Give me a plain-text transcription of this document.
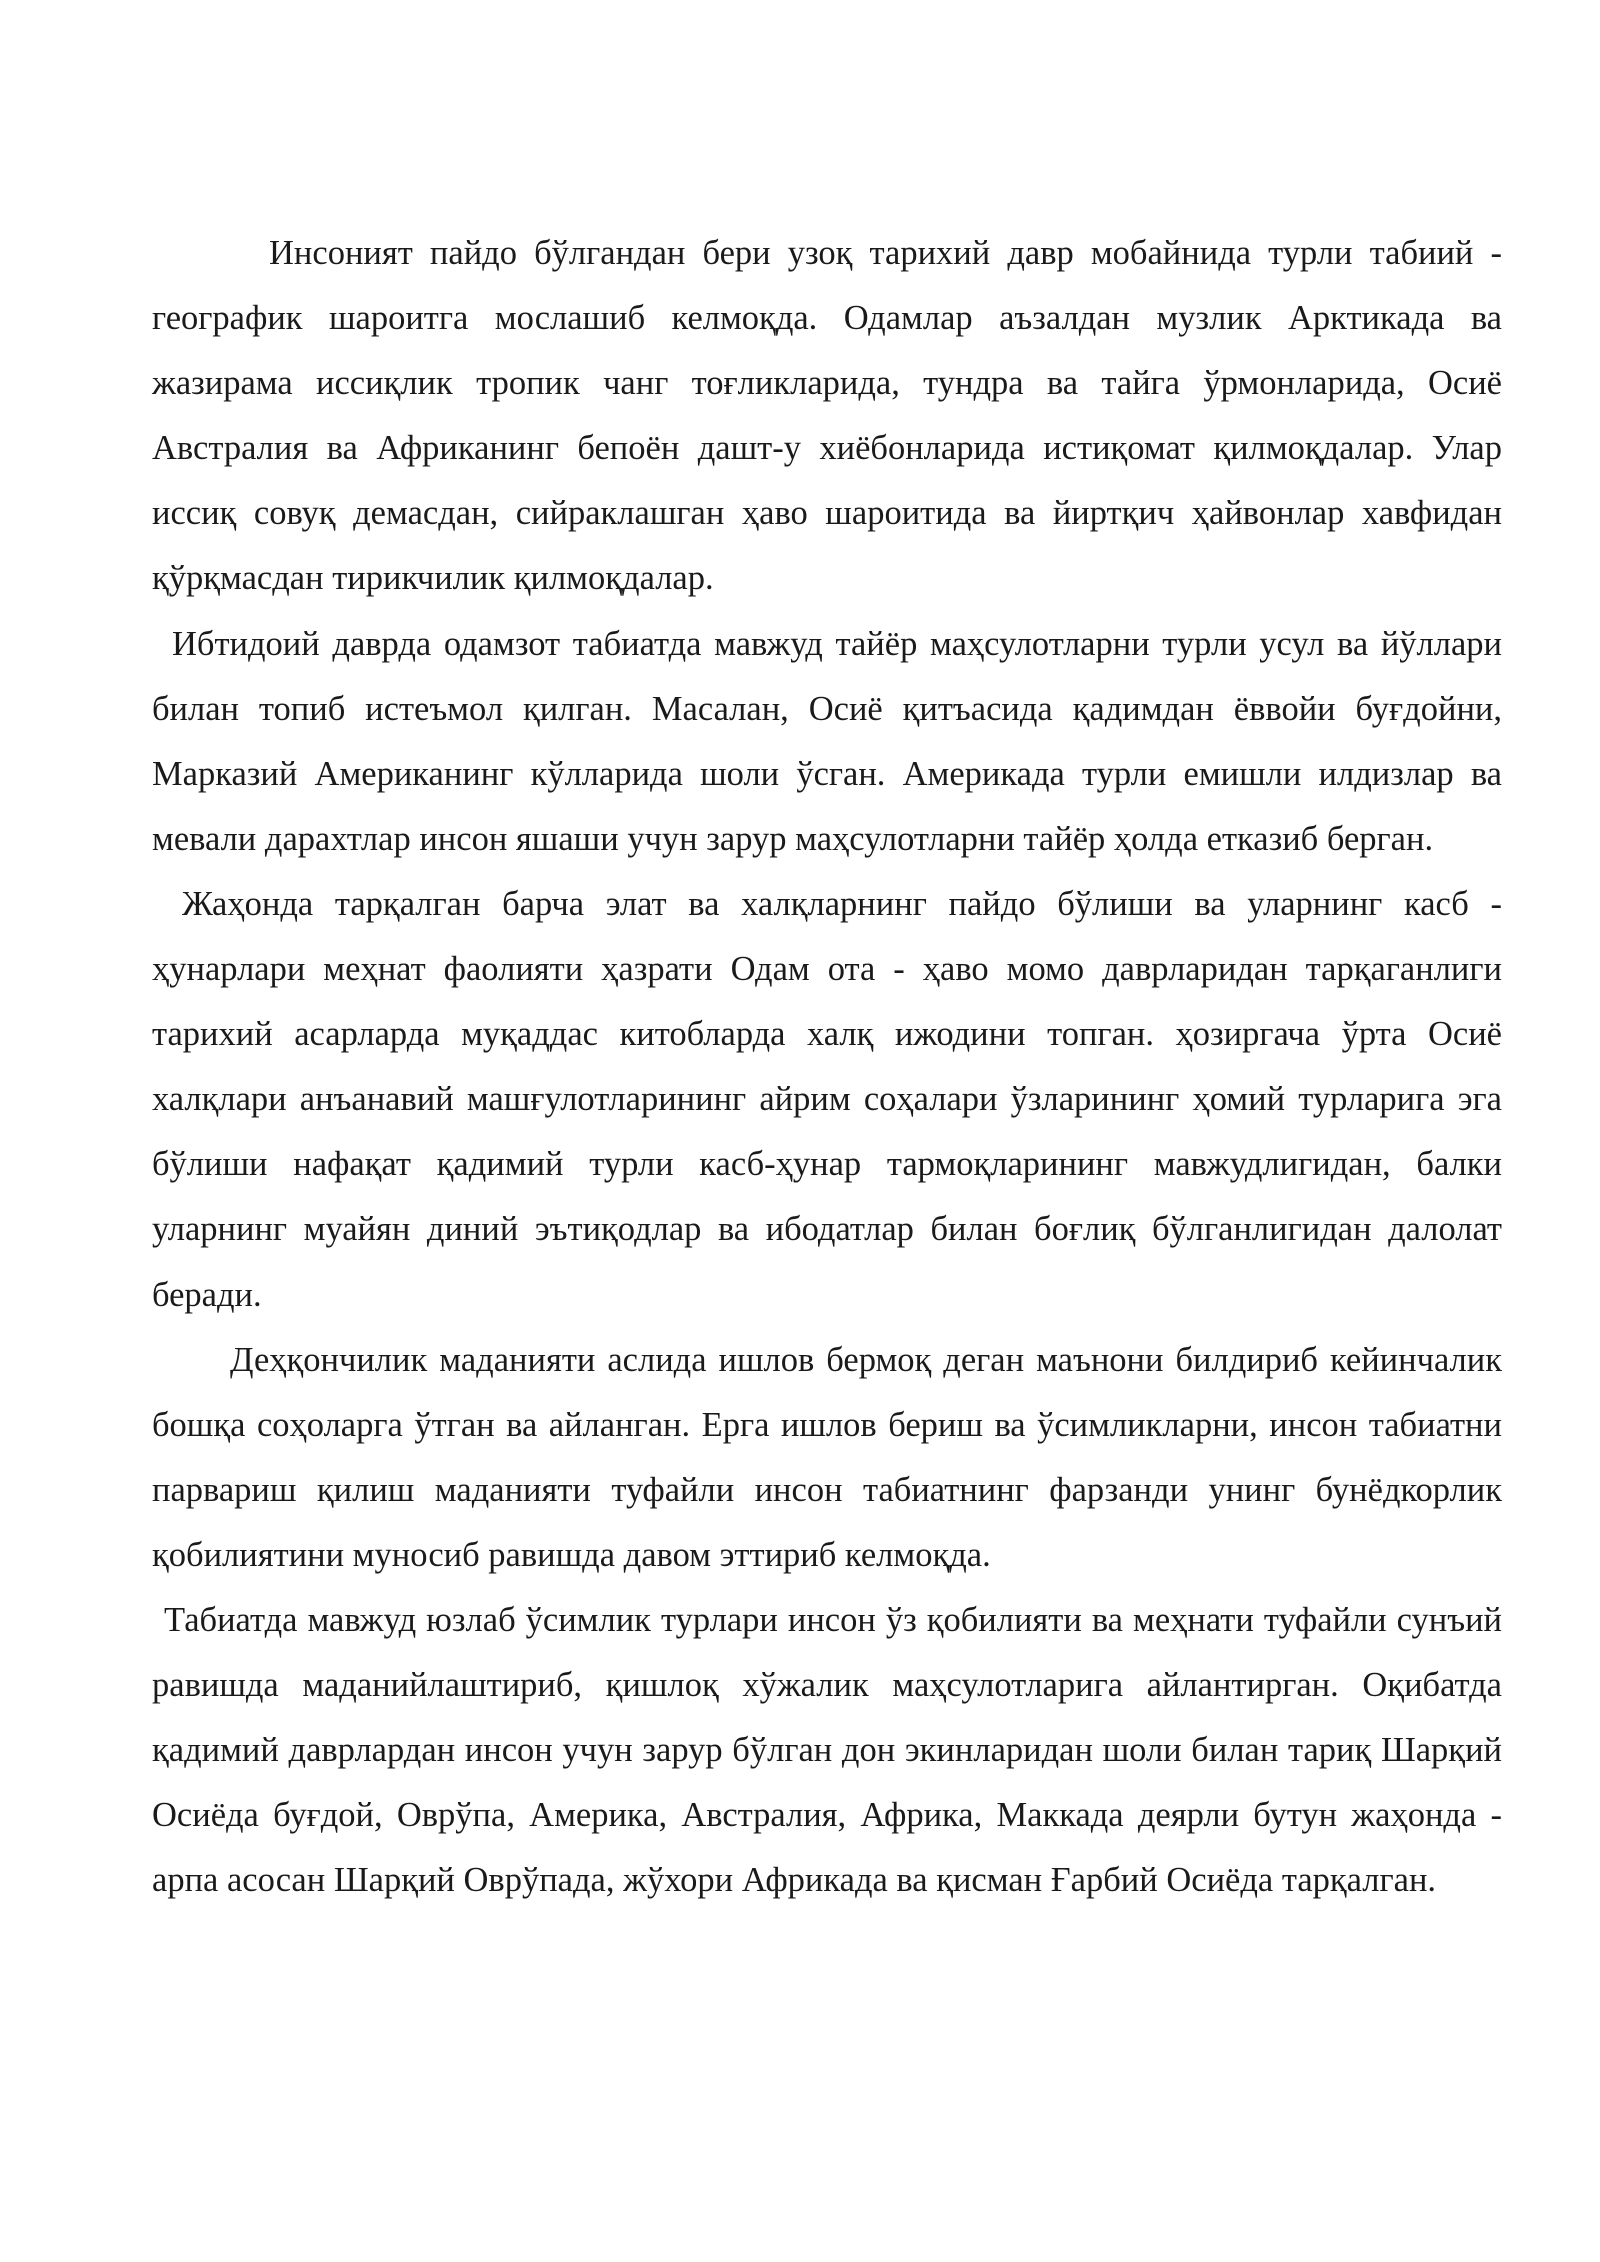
Инсоният пайдо бўлгандан бери узоқ тарихий давр мобайнида турли табиий - географик шароитга мослашиб келмоқда. Одамлар аъзалдан музлик Арктикада ва жазирама иссиқлик тропик чанг тоғликларида, тундра ва тайга ўрмонларида, Осиё Австралия ва Африканинг бепоён дашт-у хиёбонларида истиқомат қилмоқдалар. Улар иссиқ совуқ демасдан, сийраклашган ҳаво шароитида ва йиртқич ҳайвонлар хавфидан қўрқмасдан тирикчилик қилмоқдалар.

Ибтидоий даврда одамзот табиатда мавжуд тайёр маҳсулотларни турли усул ва йўллари билан топиб истеъмол қилган. Масалан, Осиё қитъасида қадимдан ёввойи буғдойни, Марказий Американинг кўлларида шоли ўсган. Америкада турли емишли илдизлар ва мевали дарахтлар инсон яшаши учун зарур маҳсулотларни тайёр ҳолда етказиб берган.

Жаҳонда тарқалган барча элат ва халқларнинг пайдо бўлиши ва уларнинг касб - ҳунарлари меҳнат фаолияти ҳазрати Одам ота - ҳаво момо даврларидан тарқаганлиги тарихий асарларда муқаддас китобларда халқ ижодини топган. ҳозиргача ўрта Осиё халқлари анъанавий машғулотларининг айрим соҳалари ўзларининг ҳомий турларига эга бўлиши нафақат қадимий турли касб-ҳунар тармоқларининг мавжудлигидан, балки уларнинг муайян диний эътиқодлар ва ибодатлар билан боғлиқ бўлганлигидан далолат беради.

Деҳқончилик маданияти аслида ишлов бермоқ деган маънони билдириб кейинчалик бошқа соҳоларга ўтган ва айланган. Ерга ишлов бериш ва ўсимликларни, инсон табиатни парвариш қилиш маданияти туфайли инсон табиатнинг фарзанди унинг бунёдкорлик қобилиятини муносиб равишда давом эттириб келмоқда.

Табиатда мавжуд юзлаб ўсимлик турлари инсон ўз қобилияти ва меҳнати туфайли сунъий равишда маданийлаштириб, қишлоқ хўжалик маҳсулотларига айлантирган. Оқибатда қадимий даврлардан инсон учун зарур бўлган дон экинларидан шоли билан тариқ Шарқий Осиёда буғдой, Оврўпа, Америка, Австралия, Африка, Маккада деярли бутун жаҳонда - арпа асосан Шарқий Оврўпада, жўхори Африкада ва қисман Ғарбий Осиёда тарқалган.
